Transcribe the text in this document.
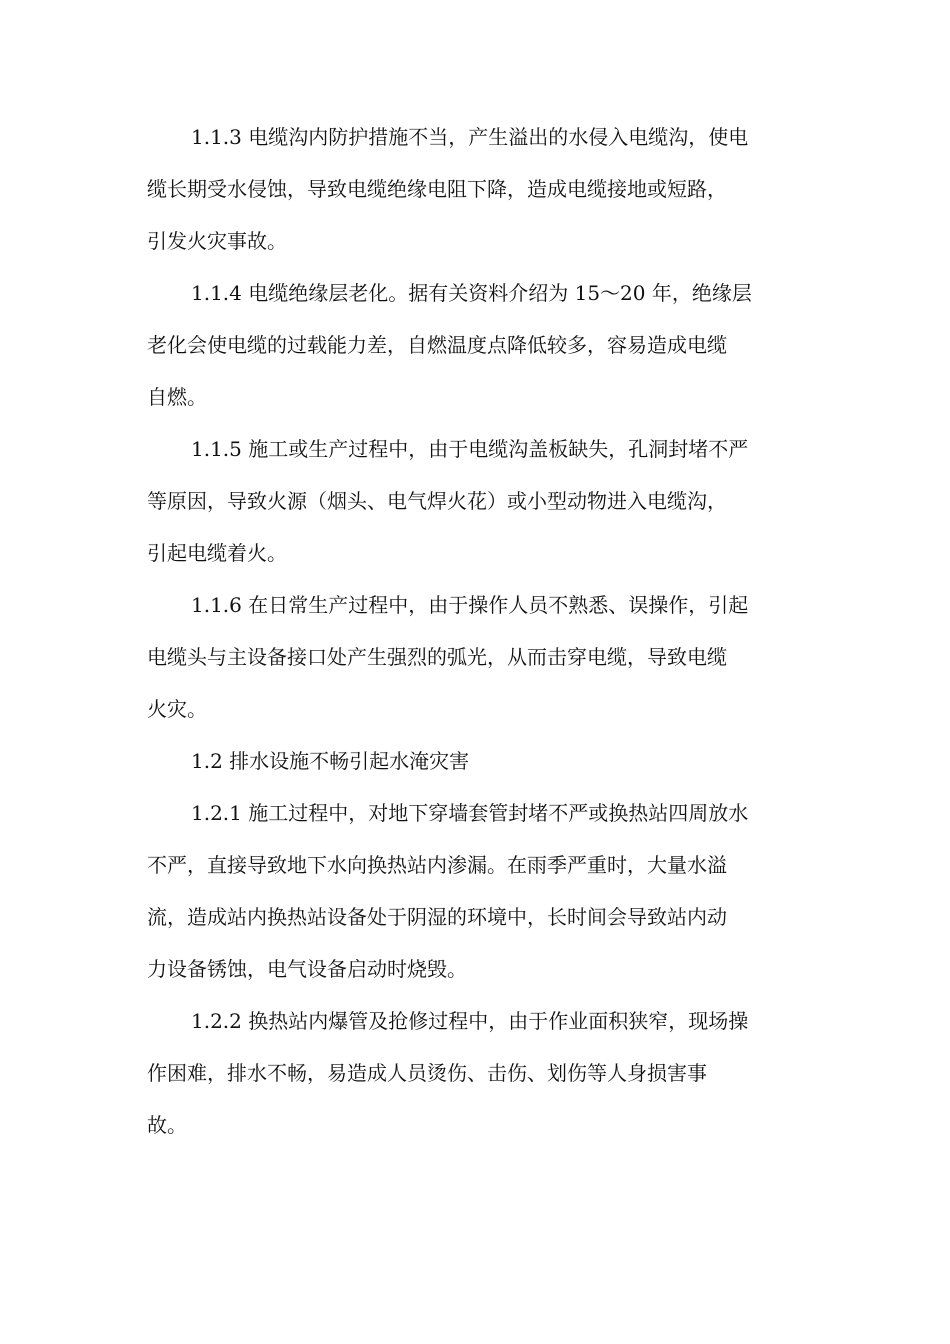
1.1.3 电缆沟内防护措施不当，产生溢出的水侵入电缆沟，使电
缆长期受水侵蚀，导致电缆绝缘电阻下降，造成电缆接地或短路，
引发火灾事故。
1.1.4 电缆绝缘层老化。据有关资料介绍为 15～20 年，绝缘层
老化会使电缆的过载能力差，自燃温度点降低较多，容易造成电缆
自燃。
1.1.5 施工或生产过程中，由于电缆沟盖板缺失，孔洞封堵不严
等原因，导致火源（烟头、电气焊火花）或小型动物进入电缆沟，
引起电缆着火。
1.1.6 在日常生产过程中，由于操作人员不熟悉、误操作，引起
电缆头与主设备接口处产生强烈的弧光，从而击穿电缆，导致电缆
火灾。
1.2 排水设施不畅引起水淹灾害
1.2.1 施工过程中，对地下穿墙套管封堵不严或换热站四周放水
不严，直接导致地下水向换热站内渗漏。在雨季严重时，大量水溢
流，造成站内换热站设备处于阴湿的环境中，长时间会导致站内动
力设备锈蚀，电气设备启动时烧毁。
1.2.2 换热站内爆管及抢修过程中，由于作业面积狭窄，现场操
作困难，排水不畅，易造成人员烫伤、击伤、划伤等人身损害事
故。
